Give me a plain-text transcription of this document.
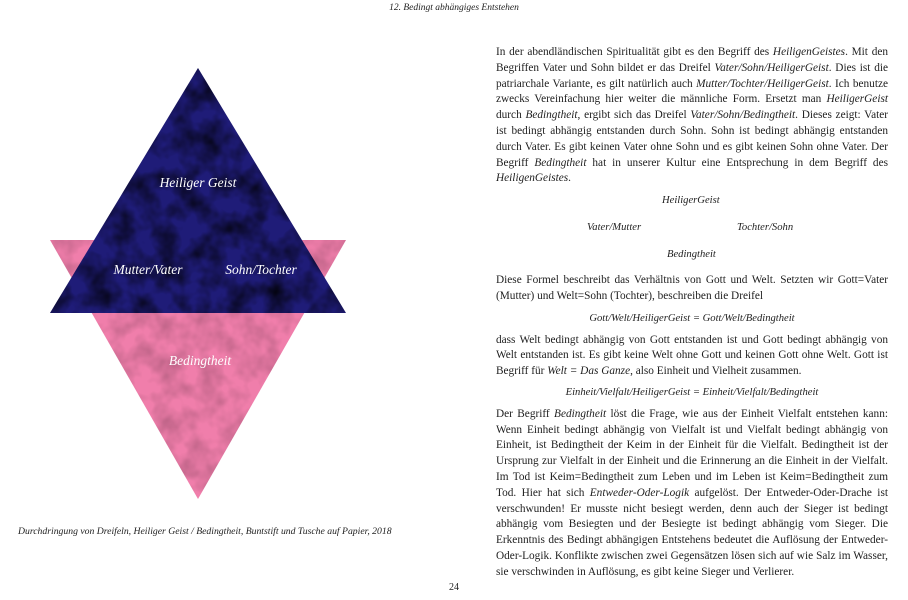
12. Bedingt abhängiges Entstehen
Heiliger Geist
Mutter/Vater	Sohn/Tochter
Bedingtheit
Durchdringung von Dreifeln, Heiliger Geist / Bedingtheit, Buntstift und Tusche auf Papier, 2018

In der abendländischen Spiritualität gibt es den Begriff des HeiligenGeistes. Mit den Begriffen Vater und Sohn bildet er das Dreifel Vater/Sohn/HeiligerGeist. Dies ist die patriarchale Variante, es gilt natürlich auch Mutter/Tochter/HeiligerGeist. Ich benutze zwecks Vereinfachung hier weiter die männliche Form. Ersetzt man HeiligerGeist durch Bedingtheit, ergibt sich das Dreifel Vater/Sohn/Bedingtheit. Dieses zeigt: Vater ist bedingt abhängig entstanden durch Sohn. Sohn ist bedingt abhängig entstanden durch Vater. Es gibt keinen Vater ohne Sohn und es gibt keinen Sohn ohne Vater. Der Begriff Bedingtheit hat in unserer Kultur eine Entsprechung in dem Begriff des HeiligenGeistes.

HeiligerGeist
Vater/Mutter	Tochter/Sohn
Bedingtheit

Diese Formel beschreibt das Verhältnis von Gott und Welt. Setzten wir Gott=Vater (Mutter) und Welt=Sohn (Tochter), beschreiben die Dreifel

Gott/Welt/HeiligerGeist = Gott/Welt/Bedingtheit

dass Welt bedingt abhängig von Gott entstanden ist und Gott bedingt abhängig von Welt entstanden ist. Es gibt keine Welt ohne Gott und keinen Gott ohne Welt. Gott ist Begriff für Welt = Das Ganze, also Einheit und Vielheit zusammen.

Einheit/Vielfalt/HeiligerGeist = Einheit/Vielfalt/Bedingtheit

Der Begriff Bedingtheit löst die Frage, wie aus der Einheit Vielfalt entstehen kann: Wenn Einheit bedingt abhängig von Vielfalt ist und Vielfalt bedingt abhängig von Einheit, ist Bedingtheit der Keim in der Einheit für die Vielfalt. Bedingtheit ist der Ursprung zur Vielfalt in der Einheit und die Erinnerung an die Einheit in der Vielfalt. Im Tod ist Keim=Bedingtheit zum Leben und im Leben ist Keim=Bedingtheit zum Tod. Hier hat sich Entweder-Oder-Logik aufgelöst. Der Entweder-Oder-Drache ist verschwunden! Er musste nicht besiegt werden, denn auch der Sieger ist bedingt abhängig vom Besiegten und der Besiegte ist bedingt abhängig vom Sieger. Die Erkenntnis des Bedingt abhängigen Entstehens bedeutet die Auflösung der Entweder-Oder-Logik. Konflikte zwischen zwei Gegensätzen lösen sich auf wie Salz im Wasser, sie verschwinden in Auflösung, es gibt keine Sieger und Verlierer.

24
